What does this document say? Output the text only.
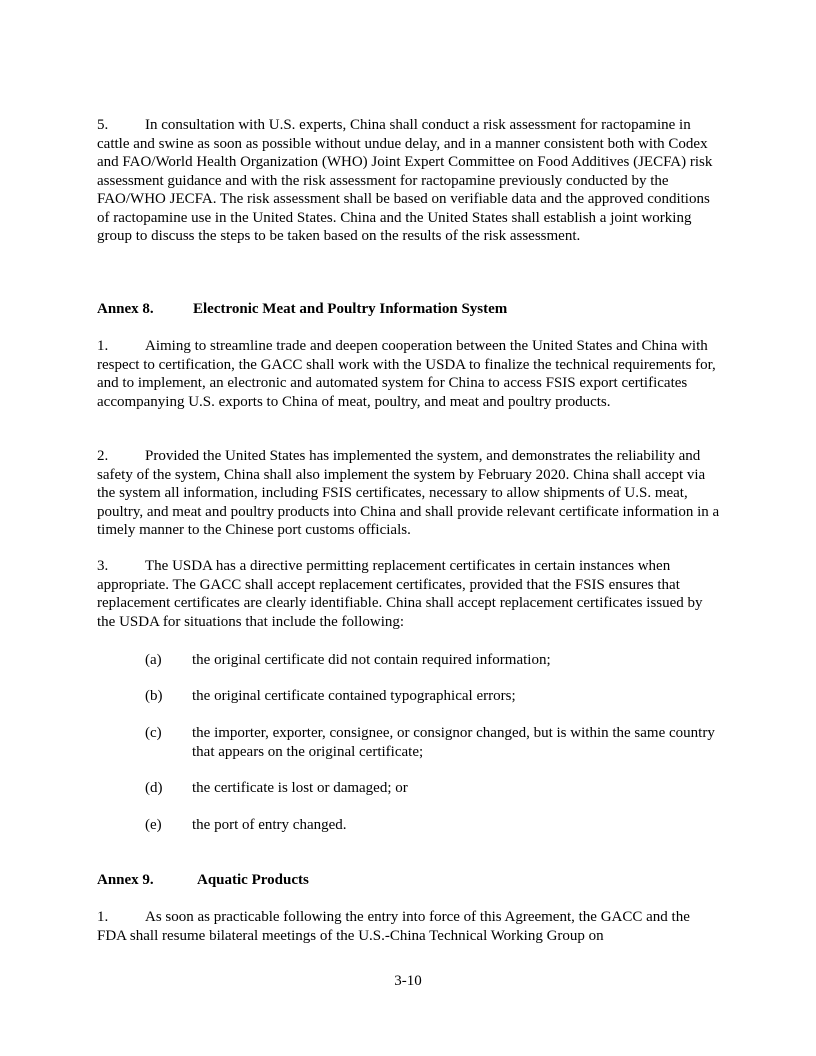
5. In consultation with U.S. experts, China shall conduct a risk assessment for ractopamine in cattle and swine as soon as possible without undue delay, and in a manner consistent both with Codex and FAO/World Health Organization (WHO) Joint Expert Committee on Food Additives (JECFA) risk assessment guidance and with the risk assessment for ractopamine previously conducted by the FAO/WHO JECFA. The risk assessment shall be based on verifiable data and the approved conditions of ractopamine use in the United States. China and the United States shall establish a joint working group to discuss the steps to be taken based on the results of the risk assessment.
Annex 8.	Electronic Meat and Poultry Information System
1. Aiming to streamline trade and deepen cooperation between the United States and China with respect to certification, the GACC shall work with the USDA to finalize the technical requirements for, and to implement, an electronic and automated system for China to access FSIS export certificates accompanying U.S. exports to China of meat, poultry, and meat and poultry products.
2. Provided the United States has implemented the system, and demonstrates the reliability and safety of the system, China shall also implement the system by February 2020. China shall accept via the system all information, including FSIS certificates, necessary to allow shipments of U.S. meat, poultry, and meat and poultry products into China and shall provide relevant certificate information in a timely manner to the Chinese port customs officials.
3. The USDA has a directive permitting replacement certificates in certain instances when appropriate. The GACC shall accept replacement certificates, provided that the FSIS ensures that replacement certificates are clearly identifiable. China shall accept replacement certificates issued by the USDA for situations that include the following:
(a) the original certificate did not contain required information;
(b) the original certificate contained typographical errors;
(c) the importer, exporter, consignee, or consignor changed, but is within the same country that appears on the original certificate;
(d) the certificate is lost or damaged; or
(e) the port of entry changed.
Annex 9.	Aquatic Products
1. As soon as practicable following the entry into force of this Agreement, the GACC and the FDA shall resume bilateral meetings of the U.S.-China Technical Working Group on
3-10
